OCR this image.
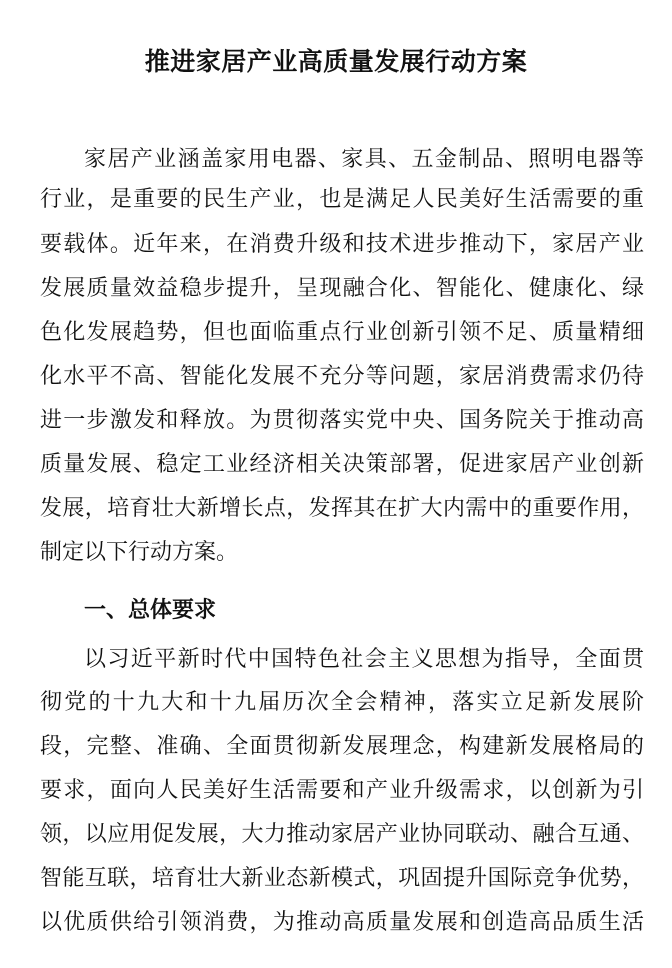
推进家居产业高质量发展行动方案
家居产业涵盖家用电器、家具、五金制品、照明电器等
行业，是重要的民生产业，也是满足人民美好生活需要的重
要载体。近年来，在消费升级和技术进步推动下，家居产业
发展质量效益稳步提升，呈现融合化、智能化、健康化、绿
色化发展趋势，但也面临重点行业创新引领不足、质量精细
化水平不高、智能化发展不充分等问题，家居消费需求仍待
进一步激发和释放。为贯彻落实党中央、国务院关于推动高
质量发展、稳定工业经济相关决策部署，促进家居产业创新
发展，培育壮大新增长点，发挥其在扩大内需中的重要作用，
制定以下行动方案。
一、总体要求
以习近平新时代中国特色社会主义思想为指导，全面贯
彻党的十九大和十九届历次全会精神，落实立足新发展阶
段，完整、准确、全面贯彻新发展理念，构建新发展格局的
要求，面向人民美好生活需要和产业升级需求，以创新为引
领，以应用促发展，大力推动家居产业协同联动、融合互通、
智能互联，培育壮大新业态新模式，巩固提升国际竞争优势，
以优质供给引领消费，为推动高质量发展和创造高品质生活
